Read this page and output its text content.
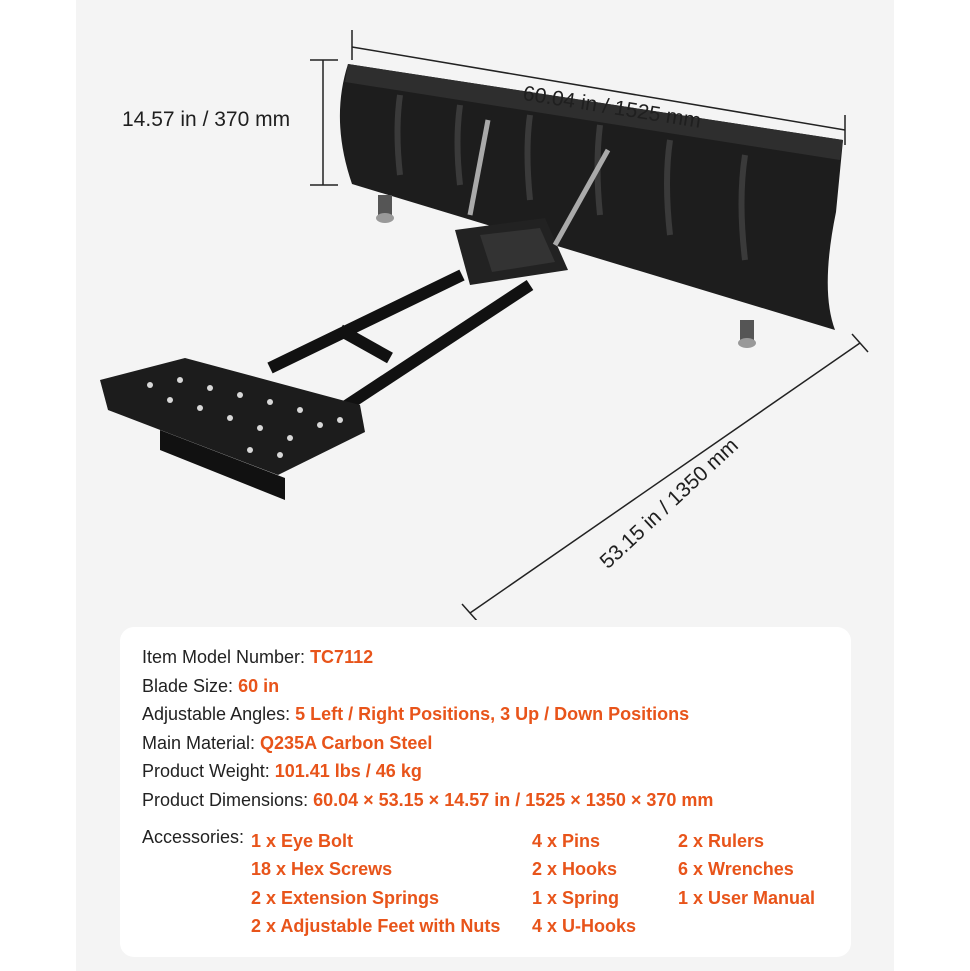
60.04 in / 1525 mm
14.57 in / 370 mm
53.15 in / 1350 mm
Item Model Number: TC7112
Blade Size: 60 in
Adjustable Angles: 5 Left / Right Positions, 3 Up / Down Positions
Main Material: Q235A Carbon Steel
Product Weight: 101.41 lbs / 46 kg
Product Dimensions: 60.04 × 53.15 × 14.57 in / 1525 × 1350 × 370 mm
Accessories: 1 x Eye Bolt
18 x Hex Screws
2 x Extension Springs
2 x Adjustable Feet with Nuts
4 x Pins
2 x Hooks
1 x Spring
4 x U-Hooks
2 x Rulers
6 x Wrenches
1 x User Manual
